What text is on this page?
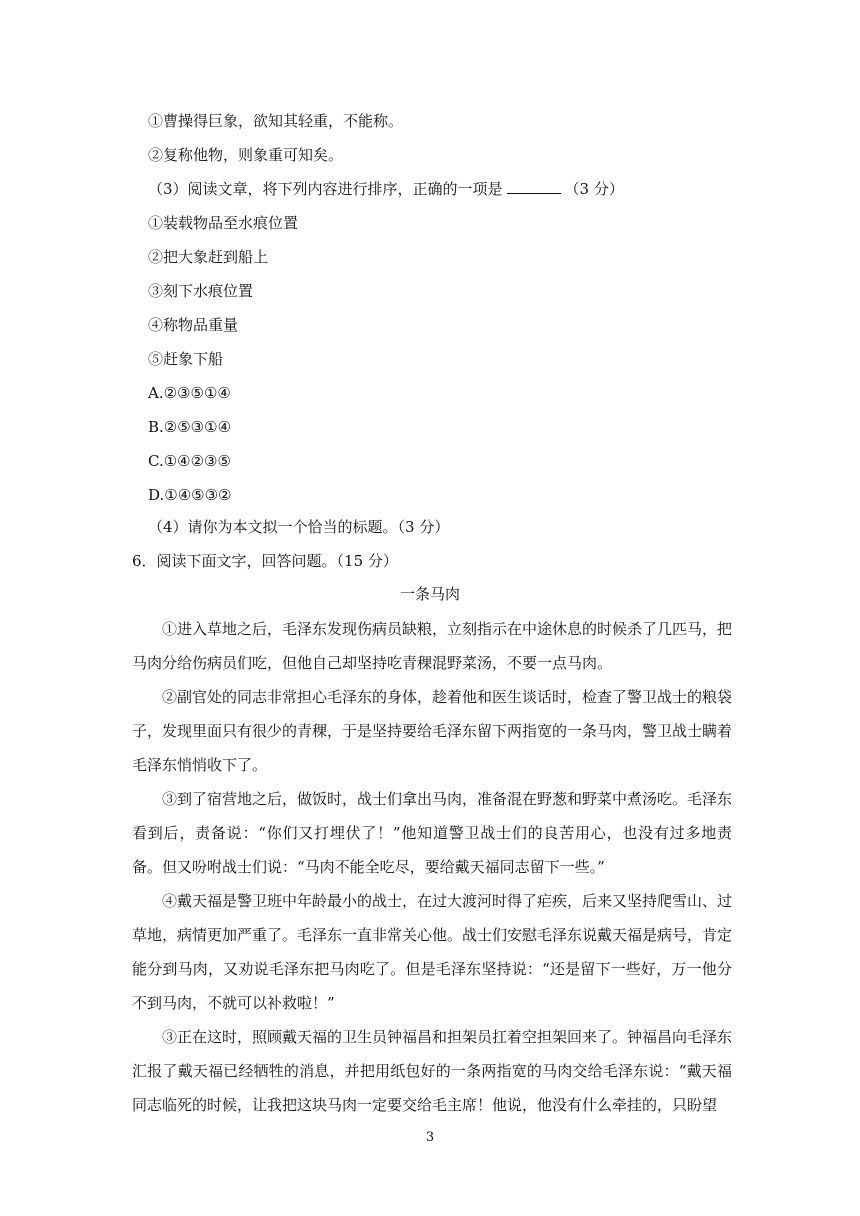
①曹操得巨象，欲知其轻重，不能称。
②复称他物，则象重可知矣。
（3）阅读文章，将下列内容进行排序，正确的一项是	（3 分）
①装载物品至水痕位置
②把大象赶到船上
③刻下水痕位置
④称物品重量
⑤赶象下船
A.②③⑤①④
B.②⑤③①④
C.①④②③⑤
D.①④⑤③②
（4）请你为本文拟一个恰当的标题。（3 分）
6．阅读下面文字，回答问题。（15 分）
一条马肉
①进入草地之后，毛泽东发现伤病员缺粮，立刻指示在中途休息的时候杀了几匹马，把马肉分给伤病员们吃，但他自己却坚持吃青稞混野菜汤，不要一点马肉。
②副官处的同志非常担心毛泽东的身体，趁着他和医生谈话时，检查了警卫战士的粮袋子，发现里面只有很少的青稞，于是坚持要给毛泽东留下两指宽的一条马肉，警卫战士瞒着毛泽东悄悄收下了。
③到了宿营地之后，做饭时，战士们拿出马肉，准备混在野葱和野菜中煮汤吃。毛泽东看到后，责备说：“你们又打埋伏了！”他知道警卫战士们的良苦用心，也没有过多地责备。但又吩咐战士们说：“马肉不能全吃尽，要给戴天福同志留下一些。”
④戴天福是警卫班中年龄最小的战士，在过大渡河时得了疟疾，后来又坚持爬雪山、过草地，病情更加严重了。毛泽东一直非常关心他。战士们安慰毛泽东说戴天福是病号，肯定能分到马肉，又劝说毛泽东把马肉吃了。但是毛泽东坚持说：“还是留下一些好，万一他分不到马肉，不就可以补救啦！”
③正在这时，照顾戴天福的卫生员钟福昌和担架员扛着空担架回来了。钟福昌向毛泽东汇报了戴天福已经牺牲的消息，并把用纸包好的一条两指宽的马肉交给毛泽东说：“戴天福同志临死的时候，让我把这块马肉一定要交给毛主席！他说，他没有什么牵挂的，只盼望
3
